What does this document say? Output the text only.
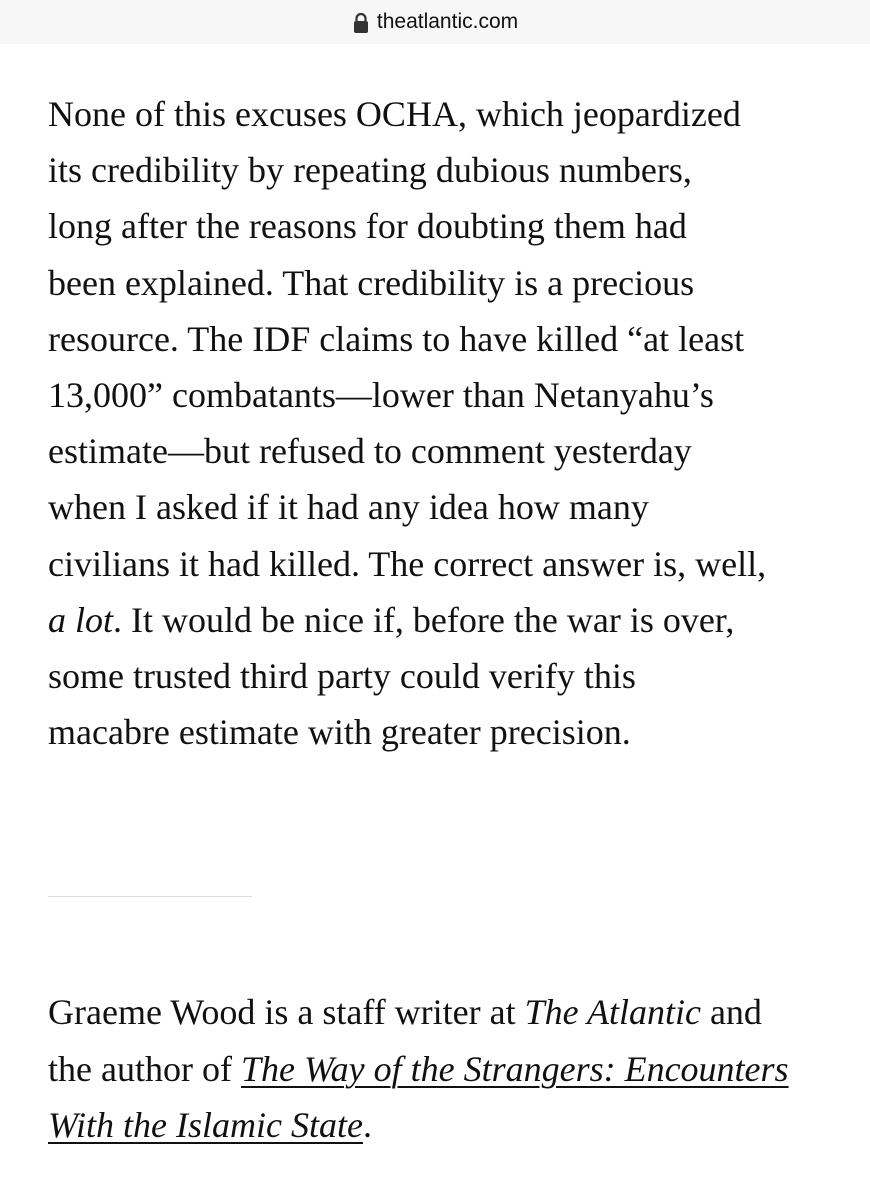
theatlantic.com

None of this excuses OCHA, which jeopardized
its credibility by repeating dubious numbers,
long after the reasons for doubting them had
been explained. That credibility is a precious
resource. The IDF claims to have killed “at least
13,000” combatants—lower than Netanyahu’s
estimate—but refused to comment yesterday
when I asked if it had any idea how many
civilians it had killed. The correct answer is, well,
a lot. It would be nice if, before the war is over,
some trusted third party could verify this
macabre estimate with greater precision.

Graeme Wood is a staff writer at The Atlantic and
the author of The Way of the Strangers: Encounters
With the Islamic State.
